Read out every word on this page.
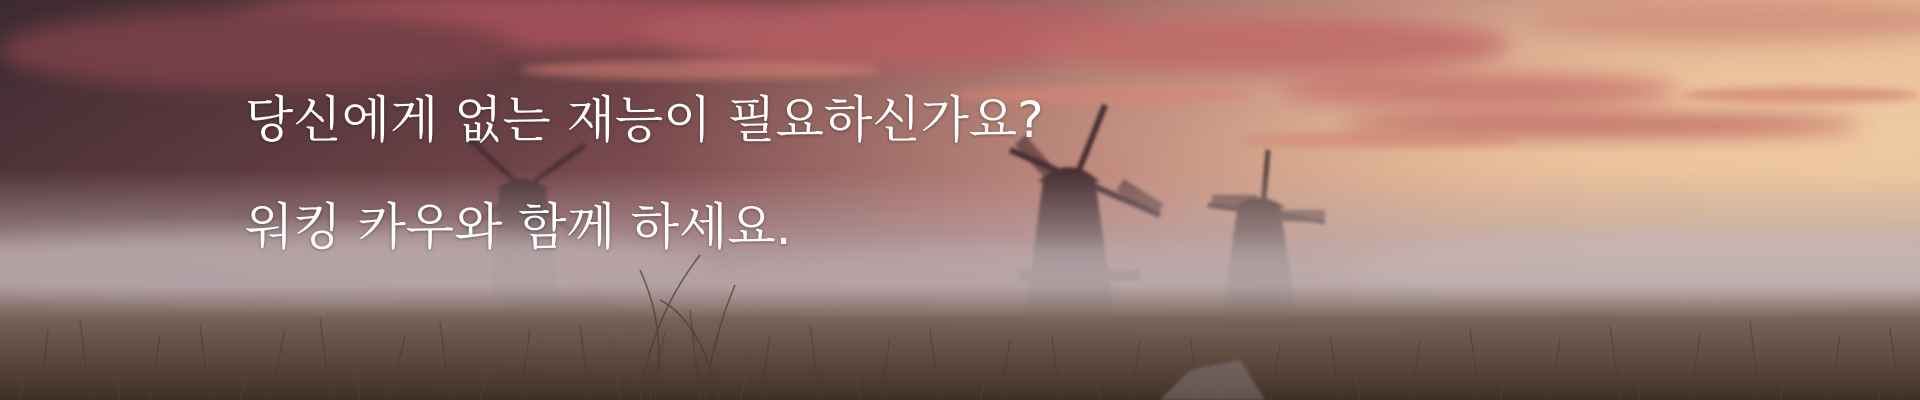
당신에게 없는 재능이 필요하신가요?
워킹 카우와 함께 하세요.
